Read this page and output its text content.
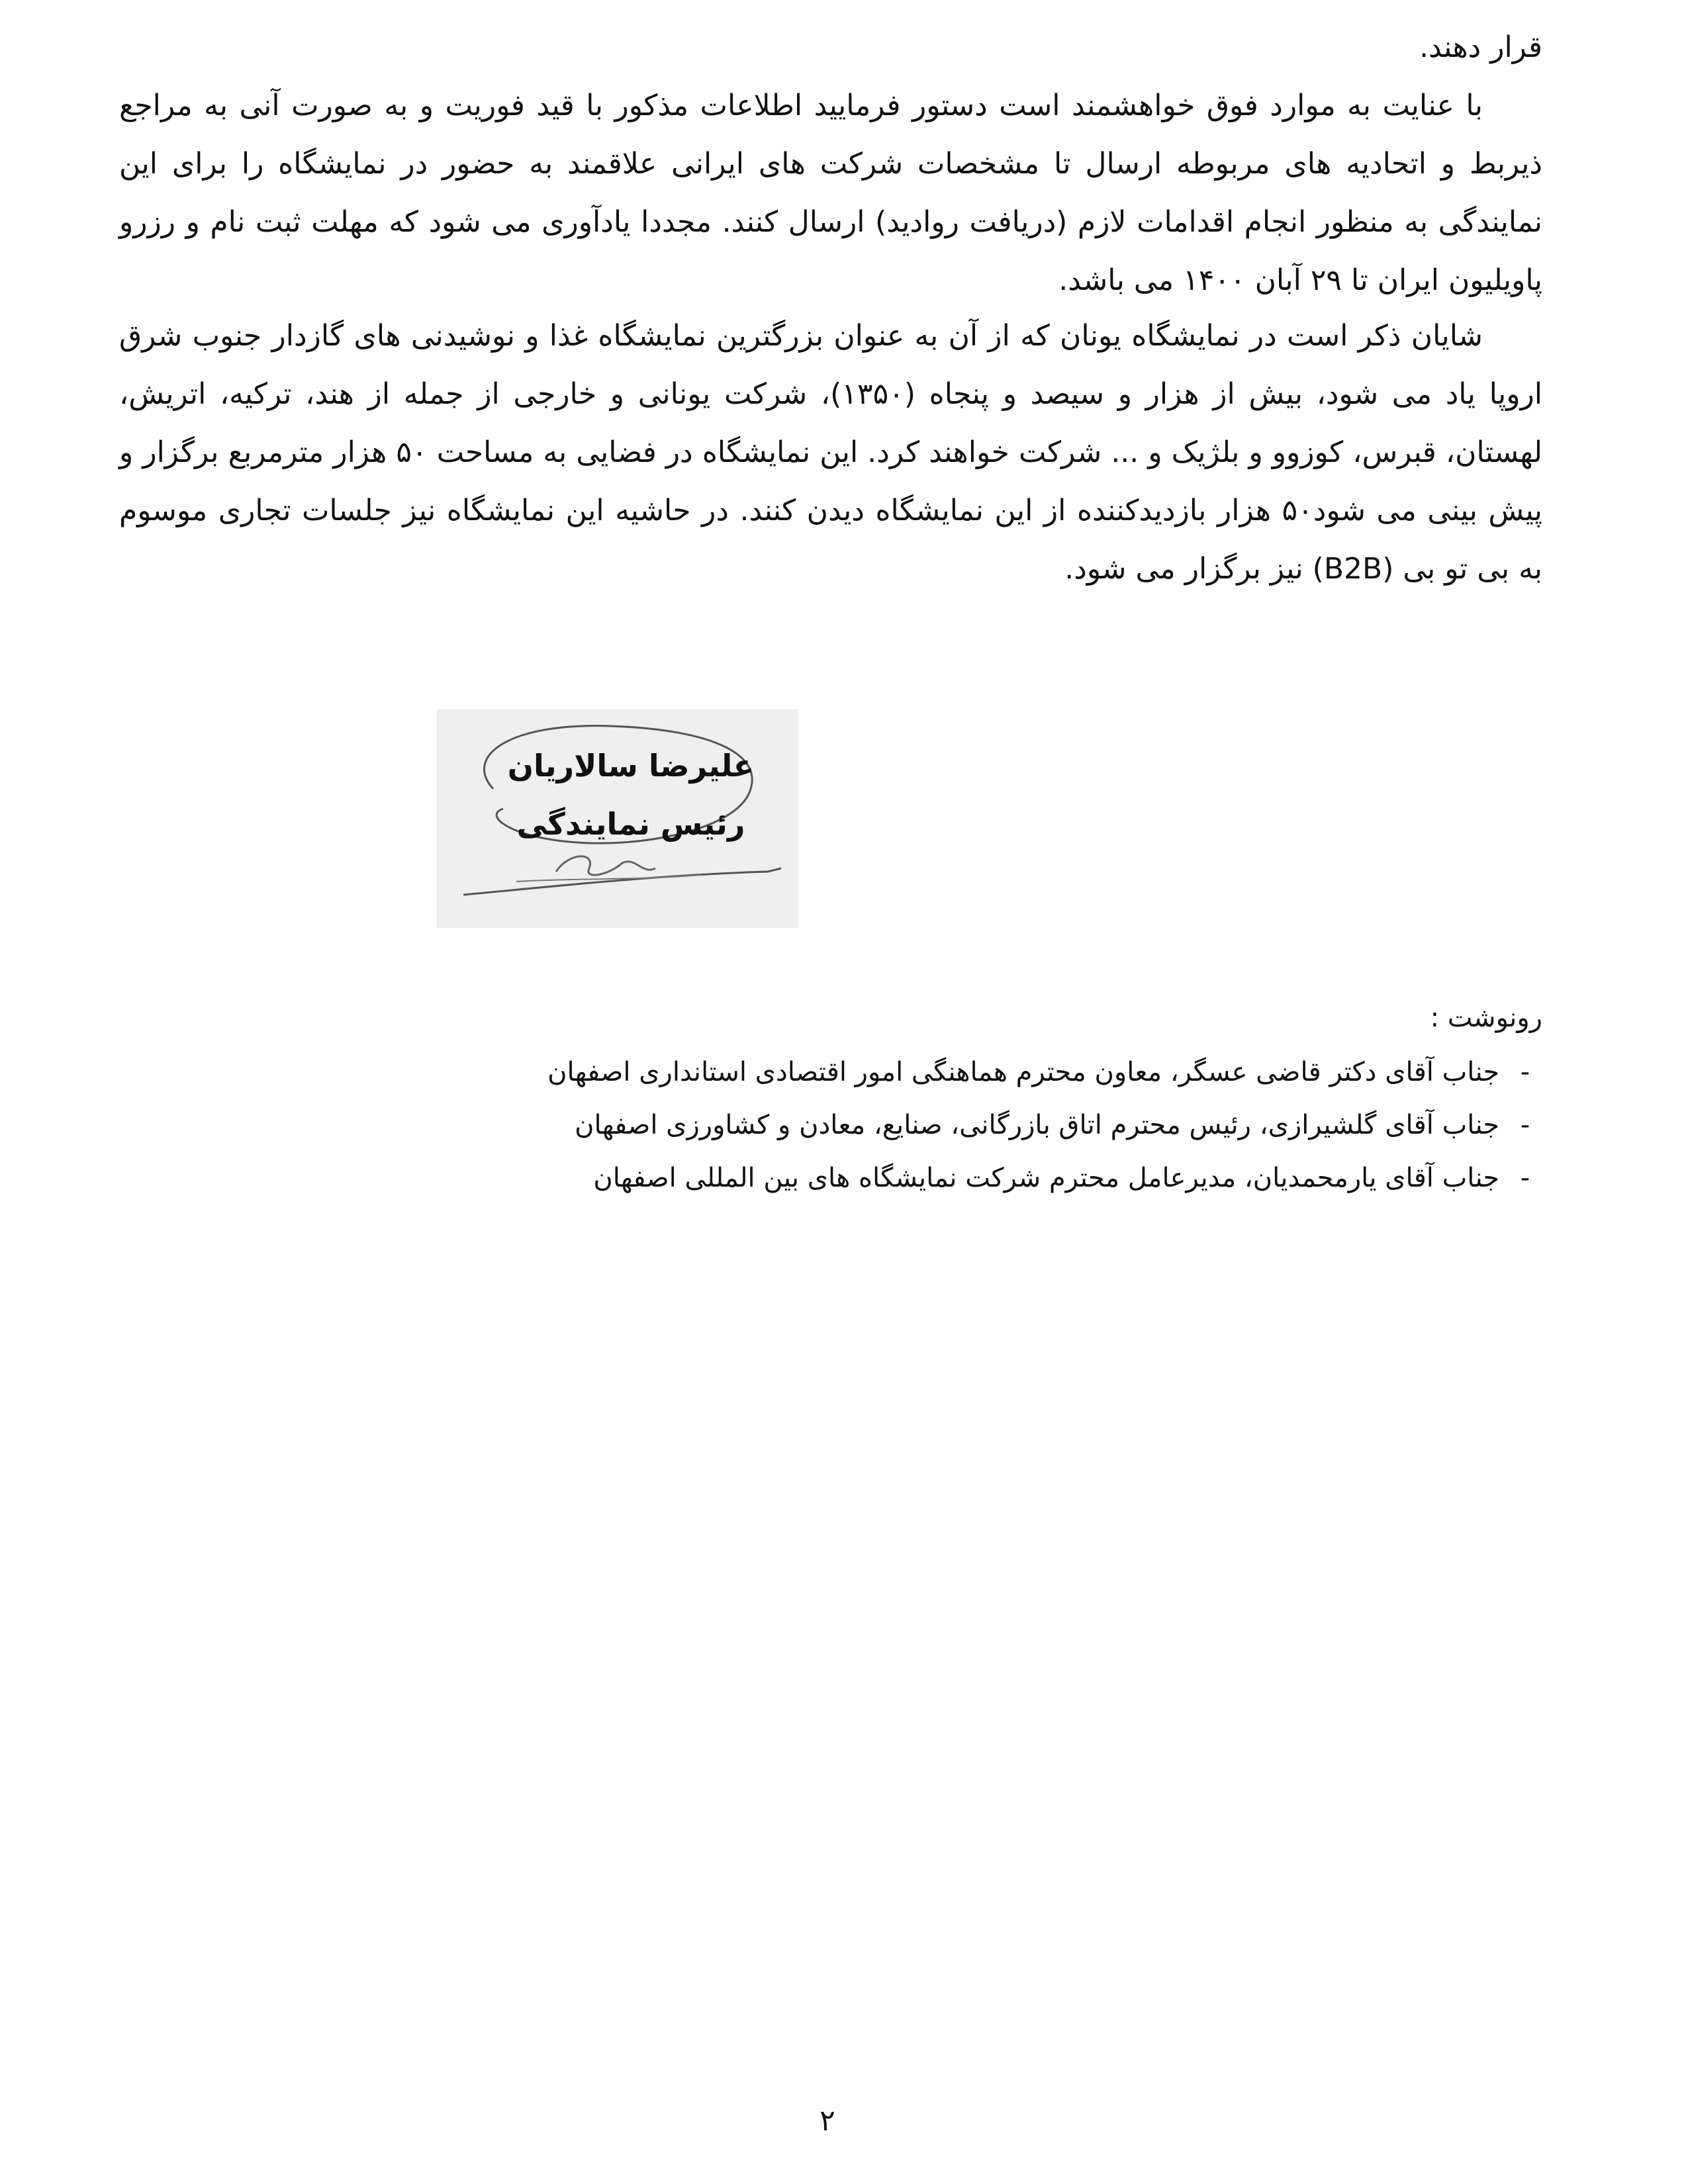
قرار دهند.

با عنایت به موارد فوق خواهشمند است دستور فرمایید اطلاعات مذکور با قید فوریت و به صورت آنی به مراجع ذیربط و اتحادیه های مربوطه ارسال تا مشخصات شرکت های ایرانی علاقمند به حضور در نمایشگاه را برای این نمایندگی به منظور انجام اقدامات لازم (دریافت روادید) ارسال کنند. مجددا یادآوری می شود که مهلت ثبت نام و رزرو پاویلیون ایران تا ۲۹ آبان ۱۴۰۰ می باشد.

شایان ذکر است در نمایشگاه یونان که از آن به عنوان بزرگترین نمایشگاه غذا و نوشیدنی های گازدار جنوب شرق اروپا یاد می شود، بیش از هزار و سیصد و پنجاه (۱۳۵۰)، شرکت یونانی و خارجی از جمله از هند، ترکیه، اتریش، لهستان، قبرس، کوزوو و بلژیک و ... شرکت خواهند کرد. این نمایشگاه در فضایی به مساحت ۵۰ هزار مترمربع برگزار و پیش بینی می شود۵۰ هزار بازدیدکننده از این نمایشگاه دیدن کنند. در حاشیه این نمایشگاه نیز جلسات تجاری موسوم به بی تو بی (B2B) نیز برگزار می شود.

علیرضا سالاریان
رئیس نمایندگی
رونوشت :
- جناب آقای دکتر قاضی عسگر، معاون محترم هماهنگی امور اقتصادی استانداری اصفهان
- جناب آقای گلشیرازی، رئیس محترم اتاق بازرگانی، صنایع، معادن و کشاورزی اصفهان
- جناب آقای یارمحمدیان، مدیرعامل محترم شرکت نمایشگاه های بین المللی اصفهان
۲
